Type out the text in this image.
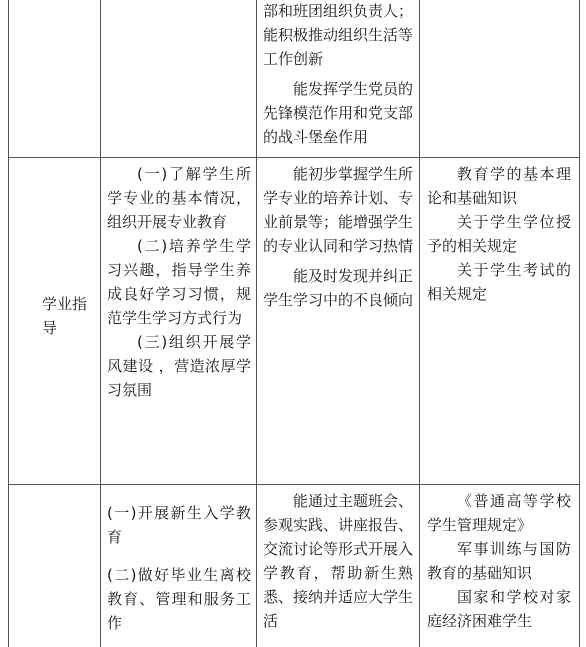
部和班团组织负责人；能积极推动组织生活等工作创新

能发挥学生党员的先锋模范作用和党支部的战斗堡垒作用

学业指导

(一)了解学生所学专业的基本情况，组织开展专业教育

(二)培养学生学习兴趣，指导学生养成良好学习习惯，规范学生学习方式行为

(三)组织开展学风建设 ，营造浓厚学习氛围

能初步掌握学生所学专业的培养计划、专业前景等；能增强学生的专业认同和学习热情

能及时发现并纠正学生学习中的不良倾向

教育学的基本理论和基础知识

关于学生学位授予的相关规定

关于学生考试的相关规定

(一)开展新生入学教育

(二)做好毕业生离校教育、管理和服务工作

能通过主题班会、参观实践、讲座报告、交流讨论等形式开展入学教育，帮助新生熟悉、接纳并适应大学生活

《普通高等学校学生管理规定》

军事训练与国防教育的基础知识

国家和学校对家庭经济困难学生
